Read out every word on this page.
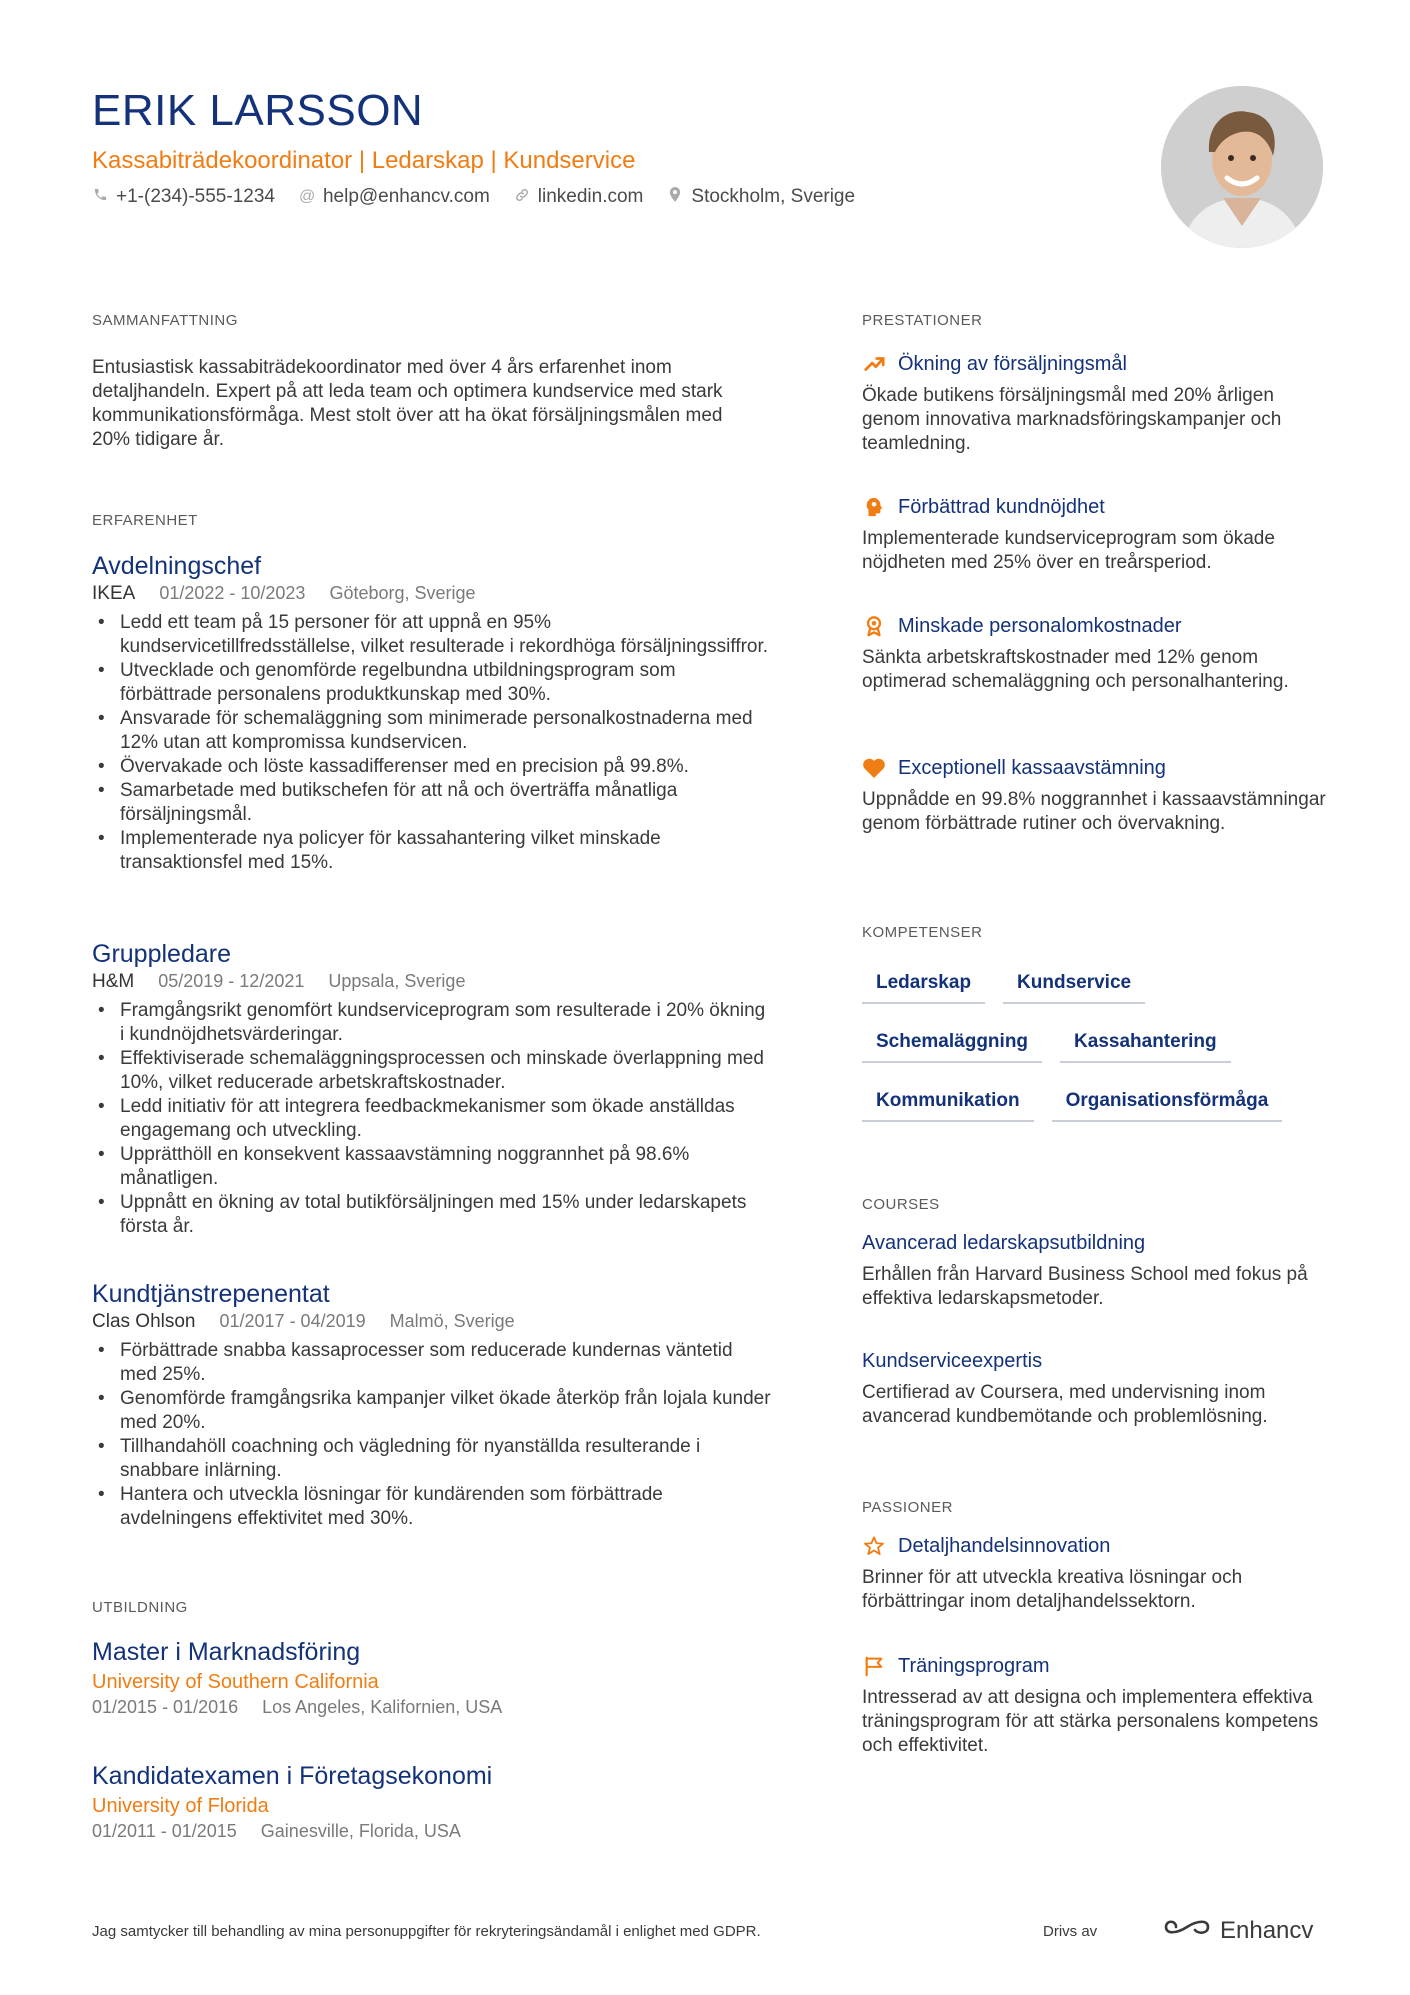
ERIK LARSSON
Kassabiträdekoordinator | Ledarskap | Kundservice
+1-(234)-555-1234 @ help@enhancv.com	linkedin.com	Stockholm, Sverige
SAMMANFATTNING
Entusiastisk kassabiträdekoordinator med över 4 års erfarenhet inom detaljhandeln. Expert på att leda team och optimera kundservice med stark kommunikationsförmåga. Mest stolt över att ha ökat försäljningsmålen med 20% tidigare år.
ERFARENHET
Avdelningschef
IKEA 01/2022 - 10/2023 Göteborg, Sverige
• Ledd ett team på 15 personer för att uppnå en 95% kundservicetillfredsställelse, vilket resulterade i rekordhöga försäljningssiffror.
• Utvecklade och genomförde regelbundna utbildningsprogram som förbättrade personalens produktkunskap med 30%.
• Ansvarade för schemaläggning som minimerade personalkostnaderna med 12% utan att kompromissa kundservicen.
• Övervakade och löste kassadifferenser med en precision på 99.8%.
• Samarbetade med butikschefen för att nå och överträffa månatliga försäljningsmål.
• Implementerade nya policyer för kassahantering vilket minskade transaktionsfel med 15%.
Gruppledare
H&M 05/2019 - 12/2021 Uppsala, Sverige
• Framgångsrikt genomfört kundserviceprogram som resulterade i 20% ökning i kundnöjdhetsvärderingar.
• Effektiviserade schemaläggningsprocessen och minskade överlappning med 10%, vilket reducerade arbetskraftskostnader.
• Ledd initiativ för att integrera feedbackmekanismer som ökade anställdas engagemang och utveckling.
• Upprätthöll en konsekvent kassaavstämning noggrannhet på 98.6% månatligen.
• Uppnått en ökning av total butikförsäljningen med 15% under ledarskapets första år.
Kundtjänstrepenentat
Clas Ohlson 01/2017 - 04/2019 Malmö, Sverige
• Förbättrade snabba kassaprocesser som reducerade kundernas väntetid med 25%.
• Genomförde framgångsrika kampanjer vilket ökade återköp från lojala kunder med 20%.
• Tillhandahöll coachning och vägledning för nyanställda resulterande i snabbare inlärning.
• Hantera och utveckla lösningar för kundärenden som förbättrade avdelningens effektivitet med 30%.
UTBILDNING
Master i Marknadsföring
University of Southern California
01/2015 - 01/2016 Los Angeles, Kalifornien, USA
Kandidatexamen i Företagsekonomi
University of Florida
01/2011 - 01/2015 Gainesville, Florida, USA
PRESTATIONER
Ökning av försäljningsmål
Ökade butikens försäljningsmål med 20% årligen genom innovativa marknadsföringskampanjer och teamledning.
Förbättrad kundnöjdhet
Implementerade kundserviceprogram som ökade nöjdheten med 25% över en treårsperiod.
Minskade personalomkostnader
Sänkta arbetskraftskostnader med 12% genom optimerad schemaläggning och personalhantering.
Exceptionell kassaavstämning
Uppnådde en 99.8% noggrannhet i kassaavstämningar genom förbättrade rutiner och övervakning.
KOMPETENSER
Ledarskap	Kundservice
Schemaläggning	Kassahantering
Kommunikation	Organisationsförmåga
COURSES
Avancerad ledarskapsutbildning
Erhållen från Harvard Business School med fokus på effektiva ledarskapsmetoder.
Kundserviceexpertis
Certifierad av Coursera, med undervisning inom avancerad kundbemötande och problemlösning.
PASSIONER
Detaljhandelsinnovation
Brinner för att utveckla kreativa lösningar och förbättringar inom detaljhandelssektorn.
Träningsprogram
Intresserad av att designa och implementera effektiva träningsprogram för att stärka personalens kompetens och effektivitet.
Jag samtycker till behandling av mina personuppgifter för rekryteringsändamål i enlighet med GDPR.	Drivs av	Enhancv
